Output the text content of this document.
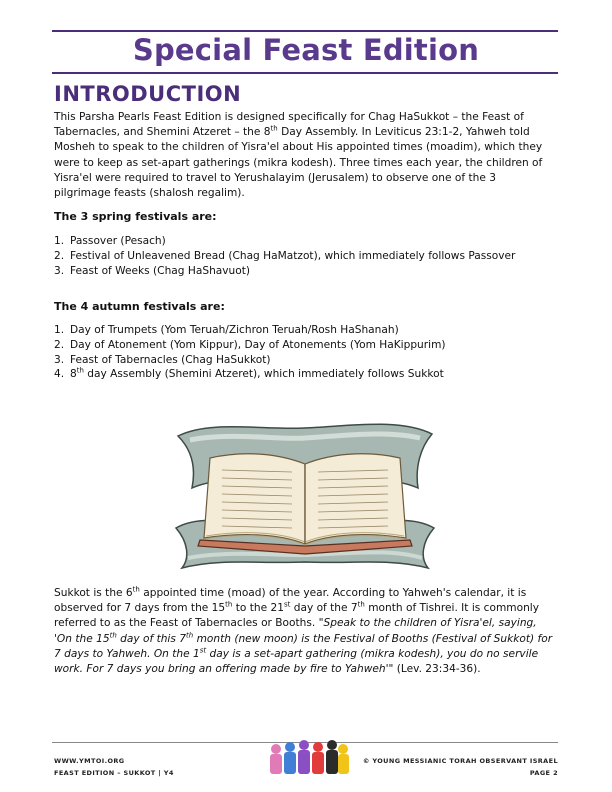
Special Feast Edition
INTRODUCTION
This Parsha Pearls Feast Edition is designed specifically for Chag HaSukkot – the Feast of Tabernacles, and Shemini Atzeret – the 8th Day Assembly. In Leviticus 23:1-2, Yahweh told Mosheh to speak to the children of Yisra'el about His appointed times (moadim), which they were to keep as set-apart gatherings (mikra kodesh). Three times each year, the children of Yisra'el were required to travel to Yerushalayim (Jerusalem) to observe one of the 3 pilgrimage feasts (shalosh regalim).
The 3 spring festivals are:
1. Passover (Pesach)
2. Festival of Unleavened Bread (Chag HaMatzot), which immediately follows Passover
3. Feast of Weeks (Chag HaShavuot)
The 4 autumn festivals are:
1. Day of Trumpets (Yom Teruah/Zichron Teruah/Rosh HaShanah)
2. Day of Atonement (Yom Kippur), Day of Atonements (Yom HaKippurim)
3. Feast of Tabernacles (Chag HaSukkot)
4. 8th day Assembly (Shemini Atzeret), which immediately follows Sukkot
Sukkot is the 6th appointed time (moad) of the year. According to Yahweh's calendar, it is observed for 7 days from the 15th to the 21st day of the 7th month of Tishrei. It is commonly referred to as the Feast of Tabernacles or Booths. "Speak to the children of Yisra'el, saying, 'On the 15th day of this 7th month (new moon) is the Festival of Booths (Festival of Sukkot) for 7 days to Yahweh. On the 1st day is a set-apart gathering (mikra kodesh), you do no servile work. For 7 days you bring an offering made by fire to Yahweh'" (Lev. 23:34-36).
WWW.YMTOI.ORG
FEAST EDITION – SUKKOT | Y4
© YOUNG MESSIANIC TORAH OBSERVANT ISRAEL
PAGE 2
